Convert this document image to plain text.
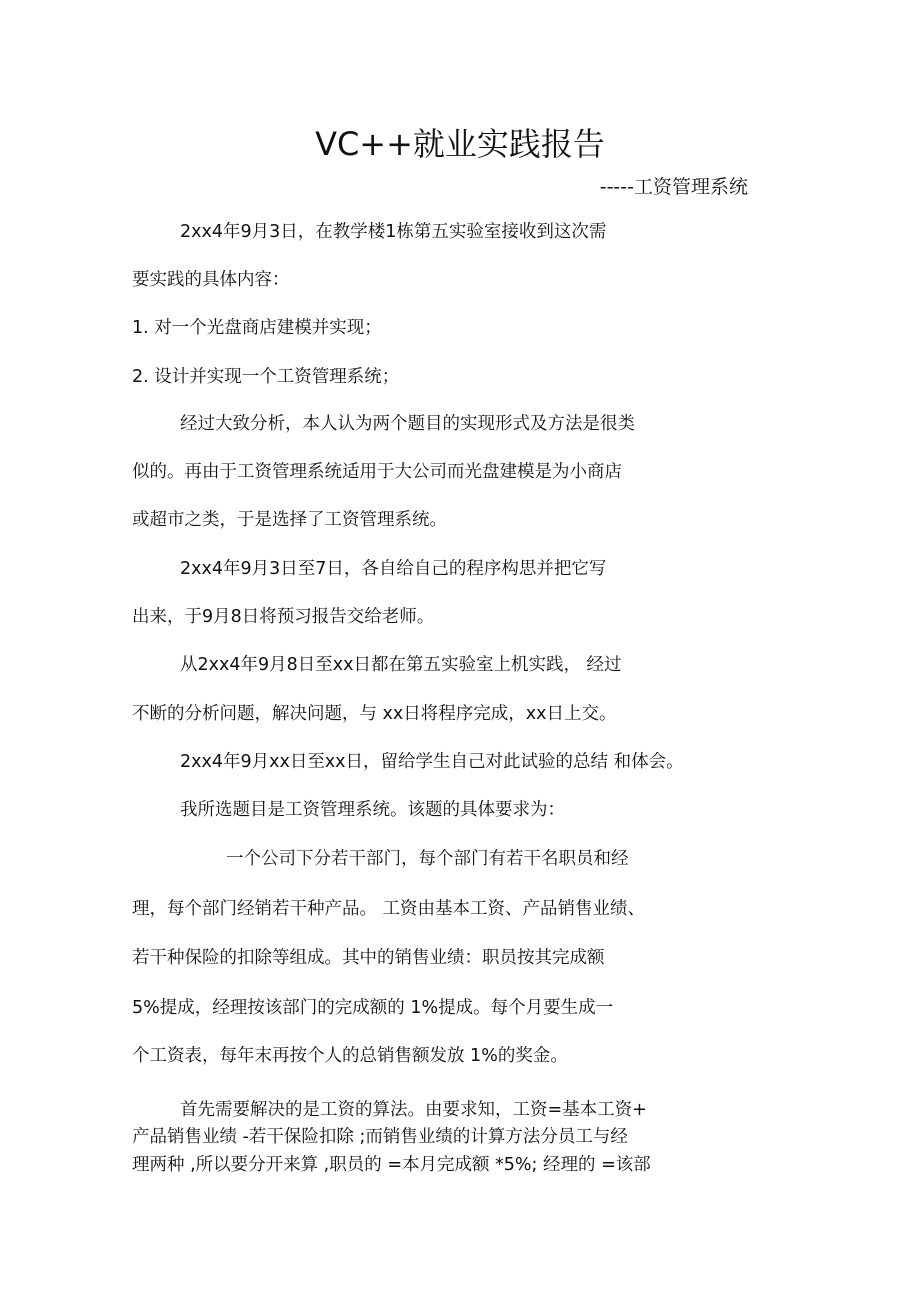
VC++就业实践报告

-----工资管理系统

2xx4年9月3日，在教学楼1栋第五实验室接收到这次需

要实践的具体内容：

1. 对一个光盘商店建模并实现；

2. 设计并实现一个工资管理系统；

经过大致分析，本人认为两个题目的实现形式及方法是很类

似的。再由于工资管理系统适用于大公司而光盘建模是为小商店

或超市之类，于是选择了工资管理系统。

2xx4年9月3日至7日，各自给自己的程序构思并把它写

出来，于9月8日将预习报告交给老师。

从2xx4年9月8日至xx日都在第五实验室上机实践， 经过

不断的分析问题，解决问题，与 xx日将程序完成，xx日上交。

2xx4年9月xx日至xx日，留给学生自己对此试验的总结 和体会。

我所选题目是工资管理系统。该题的具体要求为：

一个公司下分若干部门，每个部门有若干名职员和经

理，每个部门经销若干种产品。 工资由基本工资、产品销售业绩、

若干种保险的扣除等组成。其中的销售业绩：职员按其完成额

5%提成，经理按该部门的完成额的 1%提成。每个月要生成一

个工资表，每年末再按个人的总销售额发放 1%的奖金。

首先需要解决的是工资的算法。由要求知，工资=基本工资+

产品销售业绩 -若干保险扣除 ;而销售业绩的计算方法分员工与经

理两种 ,所以要分开来算 ,职员的 =本月完成额 *5%; 经理的 =该部
